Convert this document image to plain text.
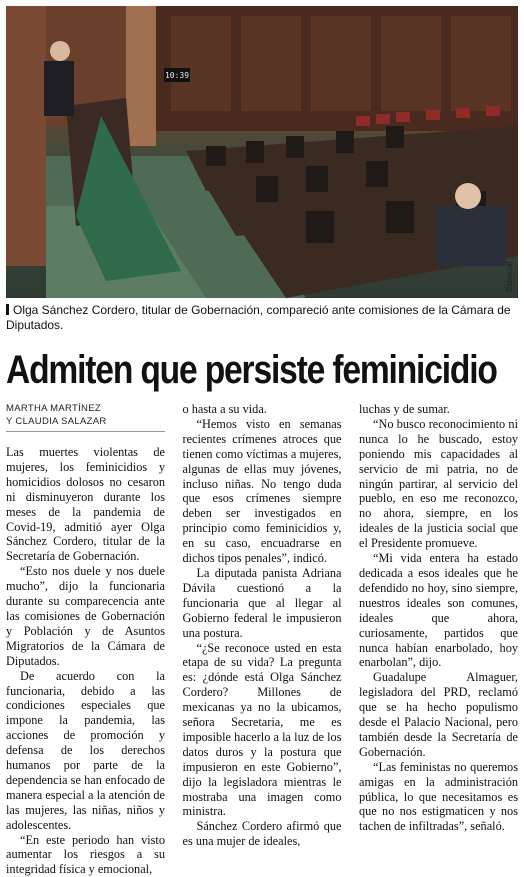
10:39
Especial
Olga Sánchez Cordero, titular de Gobernación, compareció ante comisiones de la Cámara de Diputados.
Admiten que persiste feminicidio
MARTHA MARTÍNEZ
Y CLAUDIA SALAZAR

Las muertes violentas de mujeres, los feminicidios y homicidios dolosos no cesaron ni disminuyeron durante los meses de la pandemia de Covid-19, admitió ayer Olga Sánchez Cordero, titular de la Secretaría de Gobernación.

“Esto nos duele y nos duele mucho”, dijo la funcionaria durante su comparecencia ante las comisiones de Gobernación y Población y de Asuntos Migratorios de la Cámara de Diputados.

De acuerdo con la funcionaria, debido a las condiciones especiales que impone la pandemia, las acciones de promoción y defensa de los derechos humanos por parte de la dependencia se han enfocado de manera especial a la atención de las mujeres, las niñas, niños y adolescentes.

“En este periodo han visto aumentar los riesgos a su integridad física y emocional,

o hasta a su vida.

“Hemos visto en semanas recientes crímenes atroces que tienen como víctimas a mujeres, algunas de ellas muy jóvenes, incluso niñas. No tengo duda que esos crímenes siempre deben ser investigados en principio como feminicidios y, en su caso, encuadrarse en dichos tipos penales”, indicó.

La diputada panista Adriana Dávila cuestionó a la funcionaria que al llegar al Gobierno federal le impusieron una postura.

“¿Se reconoce usted en esta etapa de su vida? La pregunta es: ¿dónde está Olga Sánchez Cordero? Millones de mexicanas ya no la ubicamos, señora Secretaria, me es imposible hacerlo a la luz de los datos duros y la postura que impusieron en este Gobierno”, dijo la legisladora mientras le mostraba una imagen como ministra.

Sánchez Cordero afirmó que es una mujer de ideales,

luchas y de sumar.

“No busco reconocimiento ni nunca lo he buscado, estoy poniendo mis capacidades al servicio de mi patria, no de ningún partirar, al servicio del pueblo, en eso me reconozco, no ahora, siempre, en los ideales de la justicia social que el Presidente promueve.

“Mi vida entera ha estado dedicada a esos ideales que he defendido no hoy, sino siempre, nuestros ideales son comunes, ideales que ahora, curiosamente, partidos que nunca habían enarbolado, hoy enarbolan”, dijo.

Guadalupe Almaguer, legisladora del PRD, reclamó que se ha hecho populismo desde el Palacio Nacional, pero también desde la Secretaría de Gobernación.

“Las feministas no queremos amigas en la administración pública, lo que necesitamos es que no nos estigmaticen y nos tachen de infiltradas”, señaló.
